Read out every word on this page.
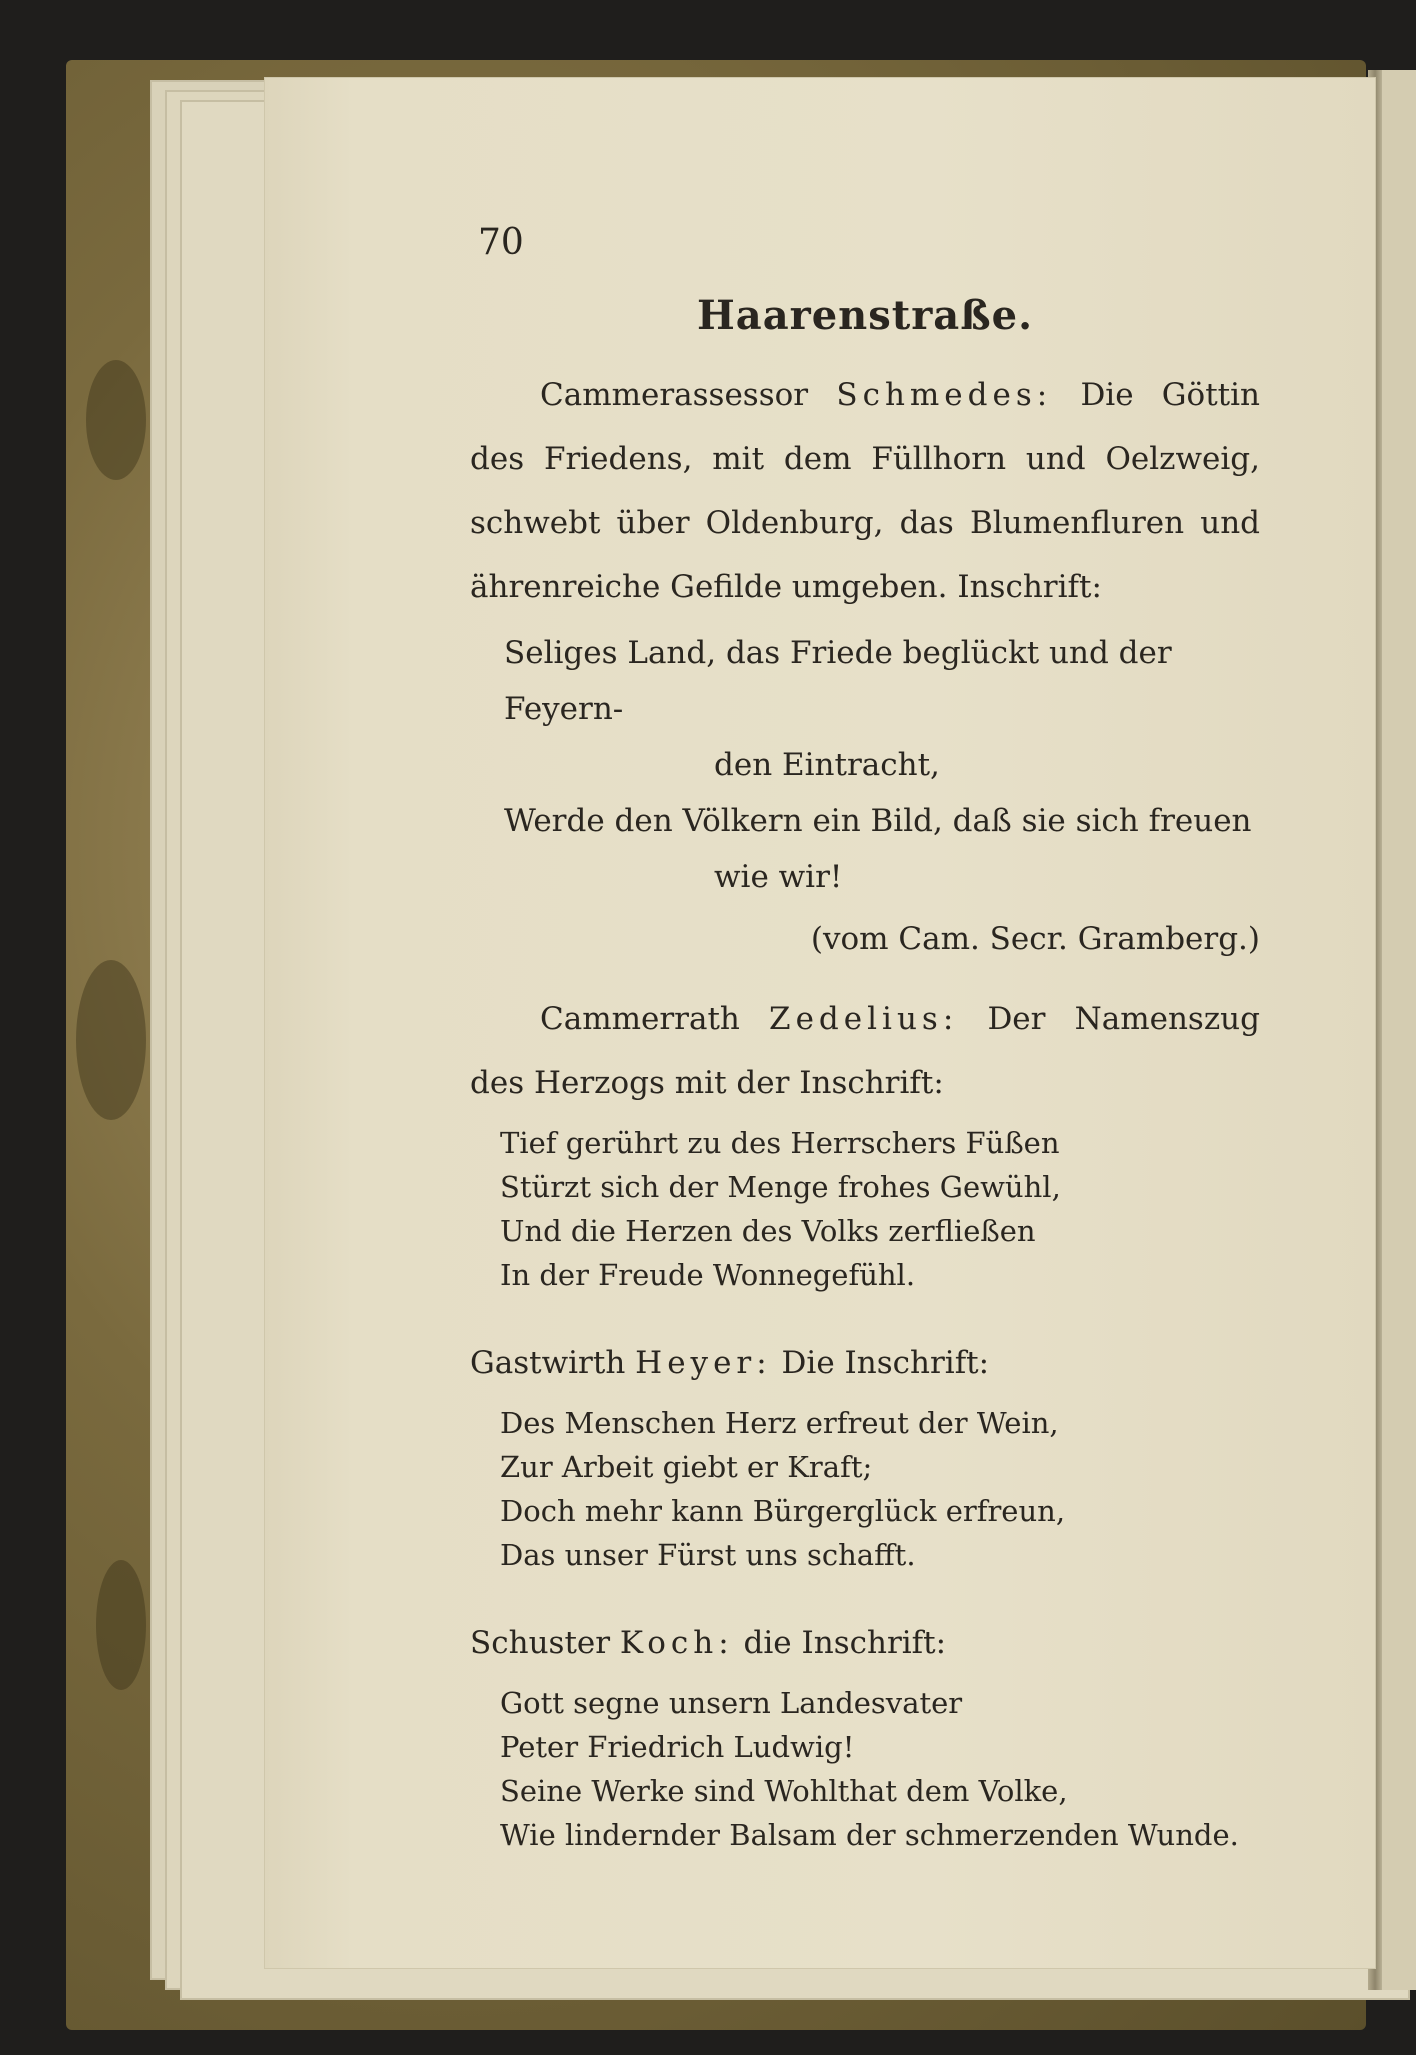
70
Haarenstraße.

Cammerassessor Schmedes: Die Göttin des Friedens, mit dem Füllhorn und Oelzweig, schwebt über Oldenburg, das Blumenfluren und ährenreiche Gefilde umgeben. Inschrift:

Seliges Land, das Friede beglückt und der Feyern-
den Eintracht,
Werde den Völkern ein Bild, daß sie sich freuen
wie wir!
(vom Cam. Secr. Gramberg.)

Cammerrath Zedelius: Der Namenszug des Herzogs mit der Inschrift:

Tief gerührt zu des Herrschers Füßen
Stürzt sich der Menge frohes Gewühl,
Und die Herzen des Volks zerfließen
In der Freude Wonnegefühl.

Gastwirth Heyer: Die Inschrift:

Des Menschen Herz erfreut der Wein,
Zur Arbeit giebt er Kraft;
Doch mehr kann Bürgerglück erfreun,
Das unser Fürst uns schafft.

Schuster Koch: die Inschrift:

Gott segne unsern Landesvater
Peter Friedrich Ludwig!
Seine Werke sind Wohlthat dem Volke,
Wie lindernder Balsam der schmerzenden Wunde.
